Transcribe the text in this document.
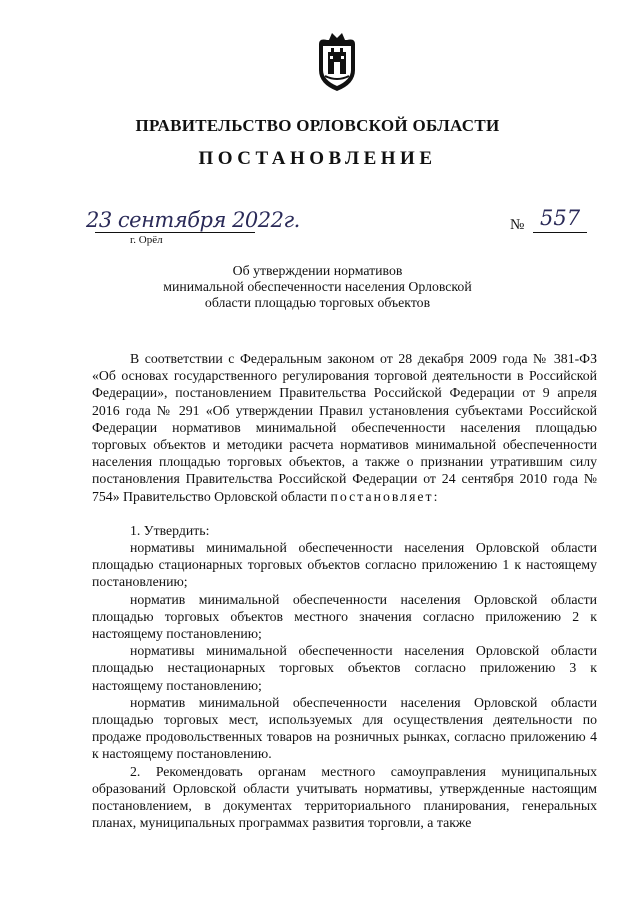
ПРАВИТЕЛЬСТВО ОРЛОВСКОЙ ОБЛАСТИ
ПОСТАНОВЛЕНИЕ
23 сентября 2022г.
г. Орёл
№ 557
Об утверждении нормативов
минимальной обеспеченности населения Орловской
области площадью торговых объектов

В соответствии с Федеральным законом от 28 декабря 2009 года № 381-ФЗ «Об основах государственного регулирования торговой деятельности в Российской Федерации», постановлением Правительства Российской Федерации от 9 апреля 2016 года № 291 «Об утверждении Правил установления субъектами Российской Федерации нормативов минимальной обеспеченности населения площадью торговых объектов и методики расчета нормативов минимальной обеспеченности населения площадью торговых объектов, а также о признании утратившим силу постановления Правительства Российской Федерации от 24 сентября 2010 года № 754» Правительство Орловской области постановляет:

1. Утвердить:

нормативы минимальной обеспеченности населения Орловской области площадью стационарных торговых объектов согласно приложению 1 к настоящему постановлению;

норматив минимальной обеспеченности населения Орловской области площадью торговых объектов местного значения согласно приложению 2 к настоящему постановлению;

нормативы минимальной обеспеченности населения Орловской области площадью нестационарных торговых объектов согласно приложению 3 к настоящему постановлению;

норматив минимальной обеспеченности населения Орловской области площадью торговых мест, используемых для осуществления деятельности по продаже продовольственных товаров на розничных рынках, согласно приложению 4 к настоящему постановлению.

2. Рекомендовать органам местного самоуправления муниципальных образований Орловской области учитывать нормативы, утвержденные настоящим постановлением, в документах территориального планирования, генеральных планах, муниципальных программах развития торговли, а также
